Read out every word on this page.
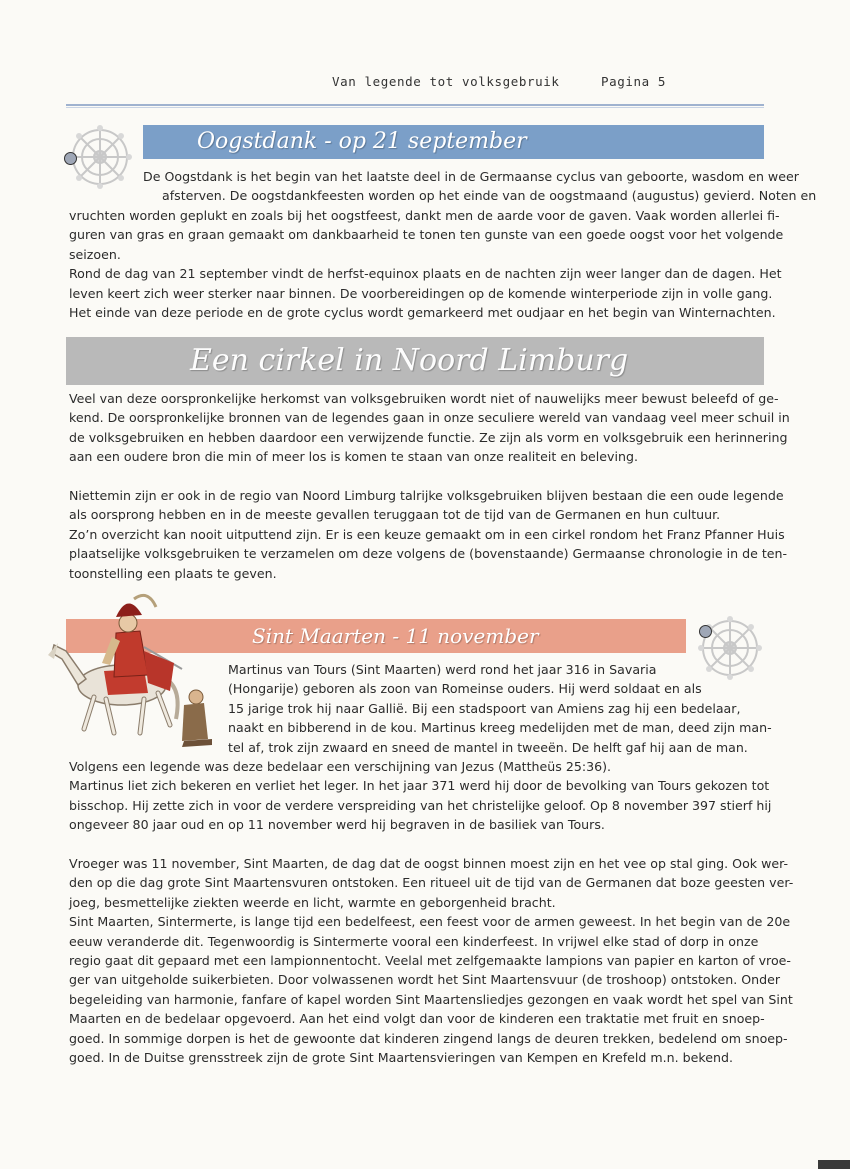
Van legende tot volksgebruik	Pagina 5
Oogstdank - op 21 september

De Oogstdank is het begin van het laatste deel in de Germaanse cyclus van geboorte, wasdom en weer

afsterven. De oogstdankfeesten worden op het einde van de oogstmaand (augustus) gevierd. Noten en

vruchten worden geplukt en zoals bij het oogstfeest, dankt men de aarde voor de gaven. Vaak worden allerlei fi-

guren van gras en graan gemaakt om dankbaarheid te tonen ten gunste van een goede oogst voor het volgende

seizoen.

Rond de dag van 21 september vindt de herfst-equinox plaats en de nachten zijn weer langer dan de dagen. Het

leven keert zich weer sterker naar binnen. De voorbereidingen op de komende winterperiode zijn in volle gang.

Het einde van deze periode en de grote cyclus wordt gemarkeerd met oudjaar en het begin van Winternachten.

Een cirkel in Noord Limburg

Veel van deze oorspronkelijke herkomst van volksgebruiken wordt niet of nauwelijks meer bewust beleefd of ge-

kend. De oorspronkelijke bronnen van de legendes gaan in onze seculiere wereld van vandaag veel meer schuil in

de volksgebruiken en hebben daardoor een verwijzende functie. Ze zijn als vorm en volksgebruik een herinnering

aan een oudere bron die min of meer los is komen te staan van onze realiteit en beleving.

Niettemin zijn er ook in de regio van Noord Limburg talrijke volksgebruiken blijven bestaan die een oude legende

als oorsprong hebben en in de meeste gevallen teruggaan tot de tijd van de Germanen en hun cultuur.

Zo’n overzicht kan nooit uitputtend zijn. Er is een keuze gemaakt om in een cirkel rondom het Franz Pfanner Huis

plaatselijke volksgebruiken te verzamelen om deze volgens de (bovenstaande) Germaanse chronologie in de ten-

toonstelling een plaats te geven.

Sint Maarten - 11 november

Martinus van Tours (Sint Maarten) werd rond het jaar 316 in Savaria

(Hongarije) geboren als zoon van Romeinse ouders. Hij werd soldaat en als

15 jarige trok hij naar Gallië. Bij een stadspoort van Amiens zag hij een bedelaar,

naakt en bibberend in de kou. Martinus kreeg medelijden met de man, deed zijn man-

tel af, trok zijn zwaard en sneed de mantel in tweeën. De helft gaf hij aan de man.

Volgens een legende was deze bedelaar een verschijning van Jezus (Mattheüs 25:36).

Martinus liet zich bekeren en verliet het leger. In het jaar 371 werd hij door de bevolking van Tours gekozen tot

bisschop. Hij zette zich in voor de verdere verspreiding van het christelijke geloof. Op 8 november 397 stierf hij

ongeveer 80 jaar oud en op 11 november werd hij begraven in de basiliek van Tours.

Vroeger was 11 november, Sint Maarten, de dag dat de oogst binnen moest zijn en het vee op stal ging. Ook wer-

den op die dag grote Sint Maartensvuren ontstoken. Een ritueel uit de tijd van de Germanen dat boze geesten ver-

joeg, besmettelijke ziekten weerde en licht, warmte en geborgenheid bracht.

Sint Maarten, Sintermerte, is lange tijd een bedelfeest, een feest voor de armen geweest. In het begin van de 20e

eeuw veranderde dit. Tegenwoordig is Sintermerte vooral een kinderfeest. In vrijwel elke stad of dorp in onze

regio gaat dit gepaard met een lampionnentocht. Veelal met zelfgemaakte lampions van papier en karton of vroe-

ger van uitgeholde suikerbieten. Door volwassenen wordt het Sint Maartensvuur (de troshoop) ontstoken. Onder

begeleiding van harmonie, fanfare of kapel worden Sint Maartensliedjes gezongen en vaak wordt het spel van Sint

Maarten en de bedelaar opgevoerd. Aan het eind volgt dan voor de kinderen een traktatie met fruit en snoep-

goed. In sommige dorpen is het de gewoonte dat kinderen zingend langs de deuren trekken, bedelend om snoep-

goed. In de Duitse grensstreek zijn de grote Sint Maartensvieringen van Kempen en Krefeld m.n. bekend.
